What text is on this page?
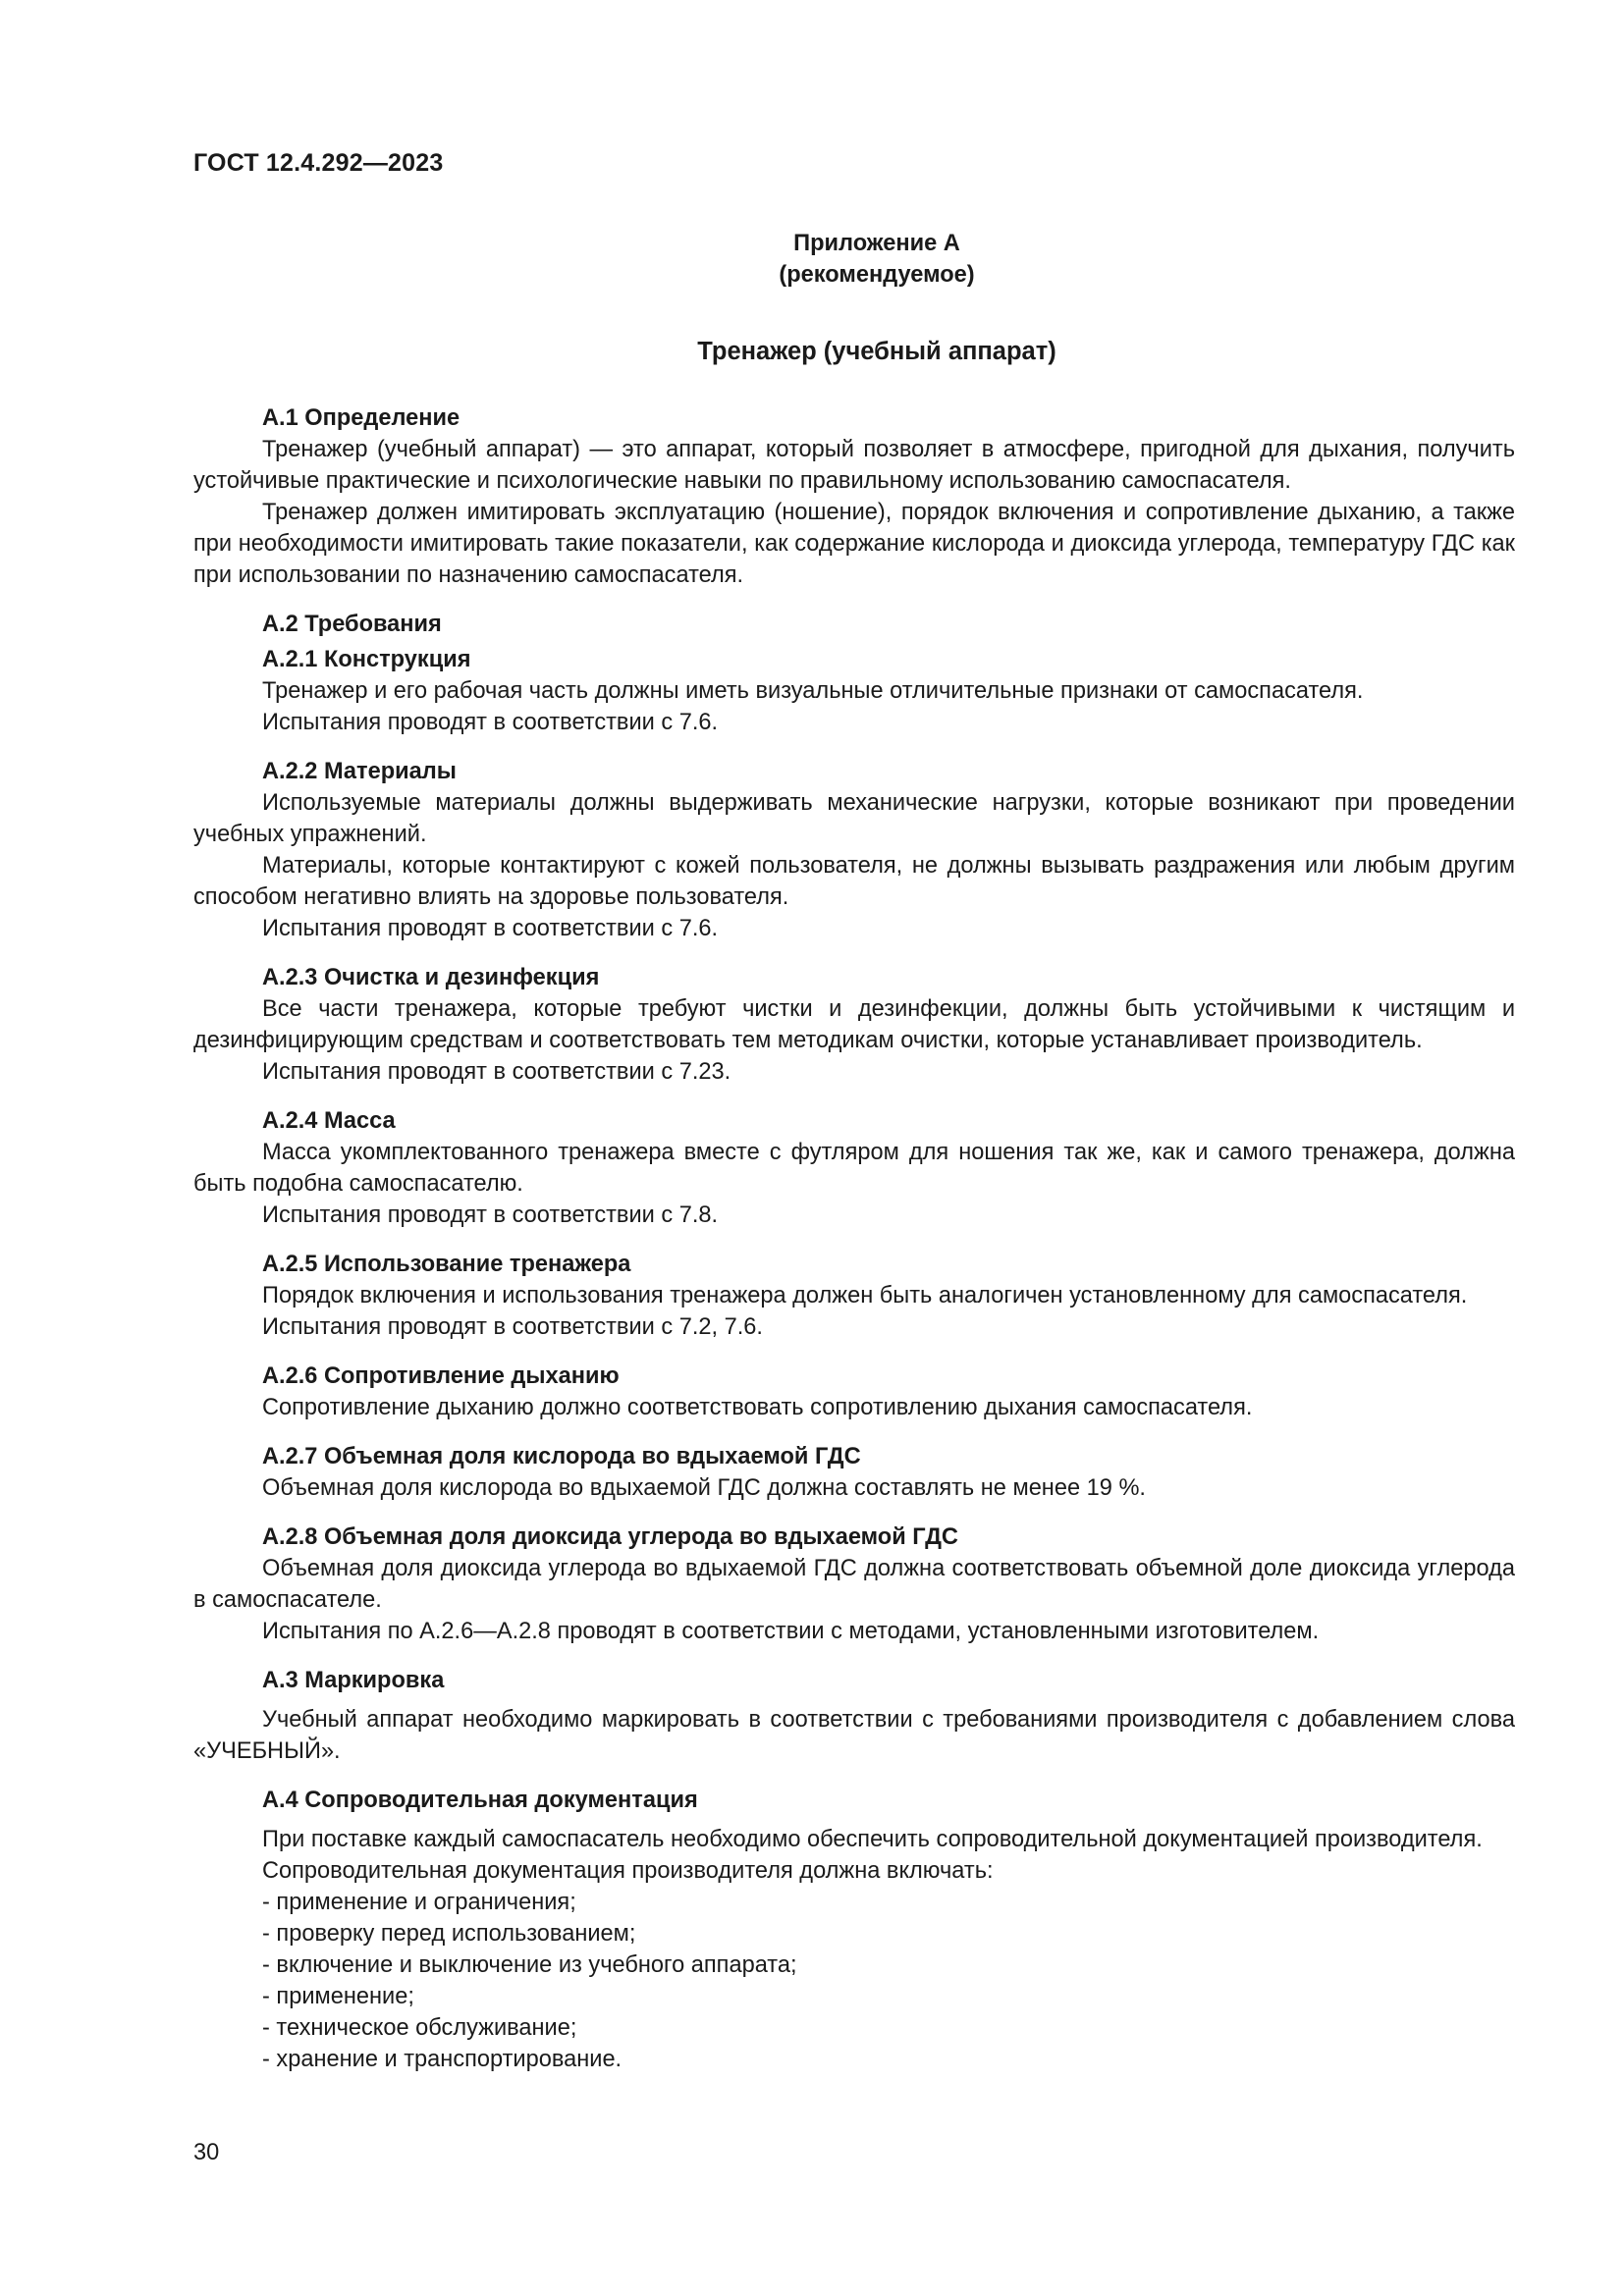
ГОСТ 12.4.292—2023
Приложение А
(рекомендуемое)
Тренажер (учебный аппарат)
А.1 Определение

Тренажер (учебный аппарат) — это аппарат, который позволяет в атмосфере, пригодной для дыхания, получить устойчивые практические и психологические навыки по правильному использованию самоспасателя.

Тренажер должен имитировать эксплуатацию (ношение), порядок включения и сопротивление дыханию, а также при необходимости имитировать такие показатели, как содержание кислорода и диоксида углерода, температуру ГДС как при использовании по назначению самоспасателя.

А.2 Требования
А.2.1 Конструкция

Тренажер и его рабочая часть должны иметь визуальные отличительные признаки от самоспасателя.

Испытания проводят в соответствии с 7.6.

А.2.2 Материалы

Используемые материалы должны выдерживать механические нагрузки, которые возникают при проведении учебных упражнений.

Материалы, которые контактируют с кожей пользователя, не должны вызывать раздражения или любым другим способом негативно влиять на здоровье пользователя.

Испытания проводят в соответствии с 7.6.

А.2.3 Очистка и дезинфекция

Все части тренажера, которые требуют чистки и дезинфекции, должны быть устойчивыми к чистящим и дезинфицирующим средствам и соответствовать тем методикам очистки, которые устанавливает производитель.

Испытания проводят в соответствии с 7.23.

А.2.4 Масса

Масса укомплектованного тренажера вместе с футляром для ношения так же, как и самого тренажера, должна быть подобна самоспасателю.

Испытания проводят в соответствии с 7.8.

А.2.5 Использование тренажера

Порядок включения и использования тренажера должен быть аналогичен установленному для самоспасателя.

Испытания проводят в соответствии с 7.2, 7.6.

А.2.6 Сопротивление дыханию

Сопротивление дыханию должно соответствовать сопротивлению дыхания самоспасателя.

А.2.7 Объемная доля кислорода во вдыхаемой ГДС

Объемная доля кислорода во вдыхаемой ГДС должна составлять не менее 19 %.

А.2.8 Объемная доля диоксида углерода во вдыхаемой ГДС

Объемная доля диоксида углерода во вдыхаемой ГДС должна соответствовать объемной доле диоксида углерода в самоспасателе.

Испытания по А.2.6—А.2.8 проводят в соответствии с методами, установленными изготовителем.

А.3 Маркировка

Учебный аппарат необходимо маркировать в соответствии с требованиями производителя с добавлением слова «УЧЕБНЫЙ».

А.4 Сопроводительная документация

При поставке каждый самоспасатель необходимо обеспечить сопроводительной документацией производителя.

Сопроводительная документация производителя должна включать:

- применение и ограничения;
- проверку перед использованием;
- включение и выключение из учебного аппарата;
- применение;
- техническое обслуживание;
- хранение и транспортирование.
30
